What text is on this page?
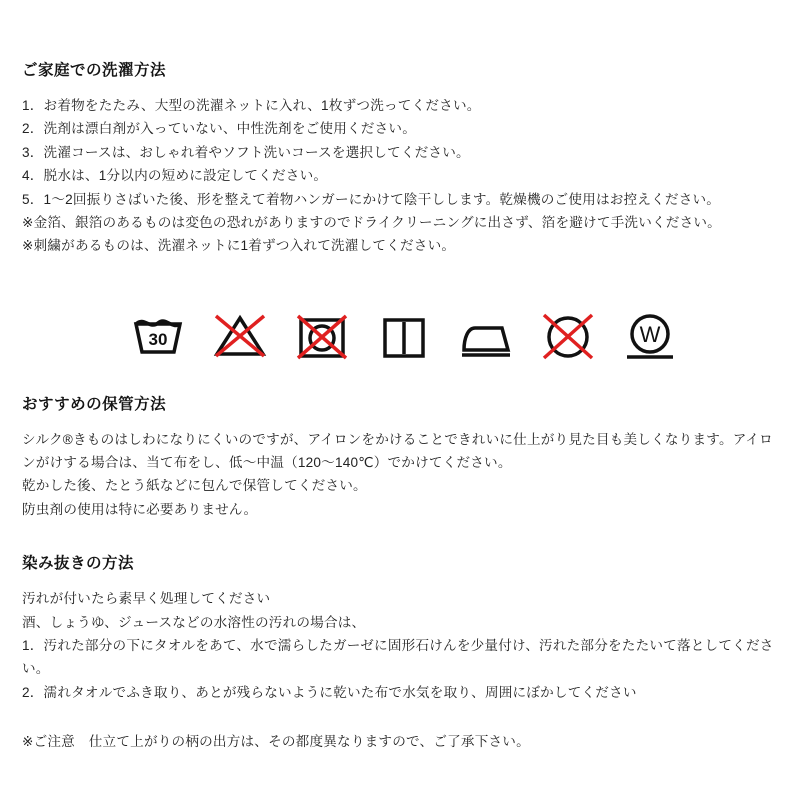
ご家庭での洗濯方法

1．お着物をたたみ、大型の洗濯ネットに入れ、1枚ずつ洗ってください。

2．洗剤は漂白剤が入っていない、中性洗剤をご使用ください。

3．洗濯コースは、おしゃれ着やソフト洗いコースを選択してください。

4．脱水は、1分以内の短めに設定してください。

5．1〜2回振りさばいた後、形を整えて着物ハンガーにかけて陰干しします。乾燥機のご使用はお控えください。

※金箔、銀箔のあるものは変色の恐れがありますのでドライクリーニングに出さず、箔を避けて手洗いください。

※刺繍があるものは、洗濯ネットに1着ずつ入れて洗濯してください。

30	W
おすすめの保管方法

シルク®きものはしわになりにくいのですが、アイロンをかけることできれいに仕上がり見た目も美しくなります。アイロンがけする場合は、当て布をし、低〜中温（120〜140℃）でかけてください。

乾かした後、たとう紙などに包んで保管してください。

防虫剤の使用は特に必要ありません。

染み抜きの方法

汚れが付いたら素早く処理してください

酒、しょうゆ、ジュースなどの水溶性の汚れの場合は、

1．汚れた部分の下にタオルをあて、水で濡らしたガーゼに固形石けんを少量付け、汚れた部分をたたいて落としてください。

2．濡れタオルでふき取り、あとが残らないように乾いた布で水気を取り、周囲にぼかしてください

※ご注意　仕立て上がりの柄の出方は、その都度異なりますので、ご了承下さい。
